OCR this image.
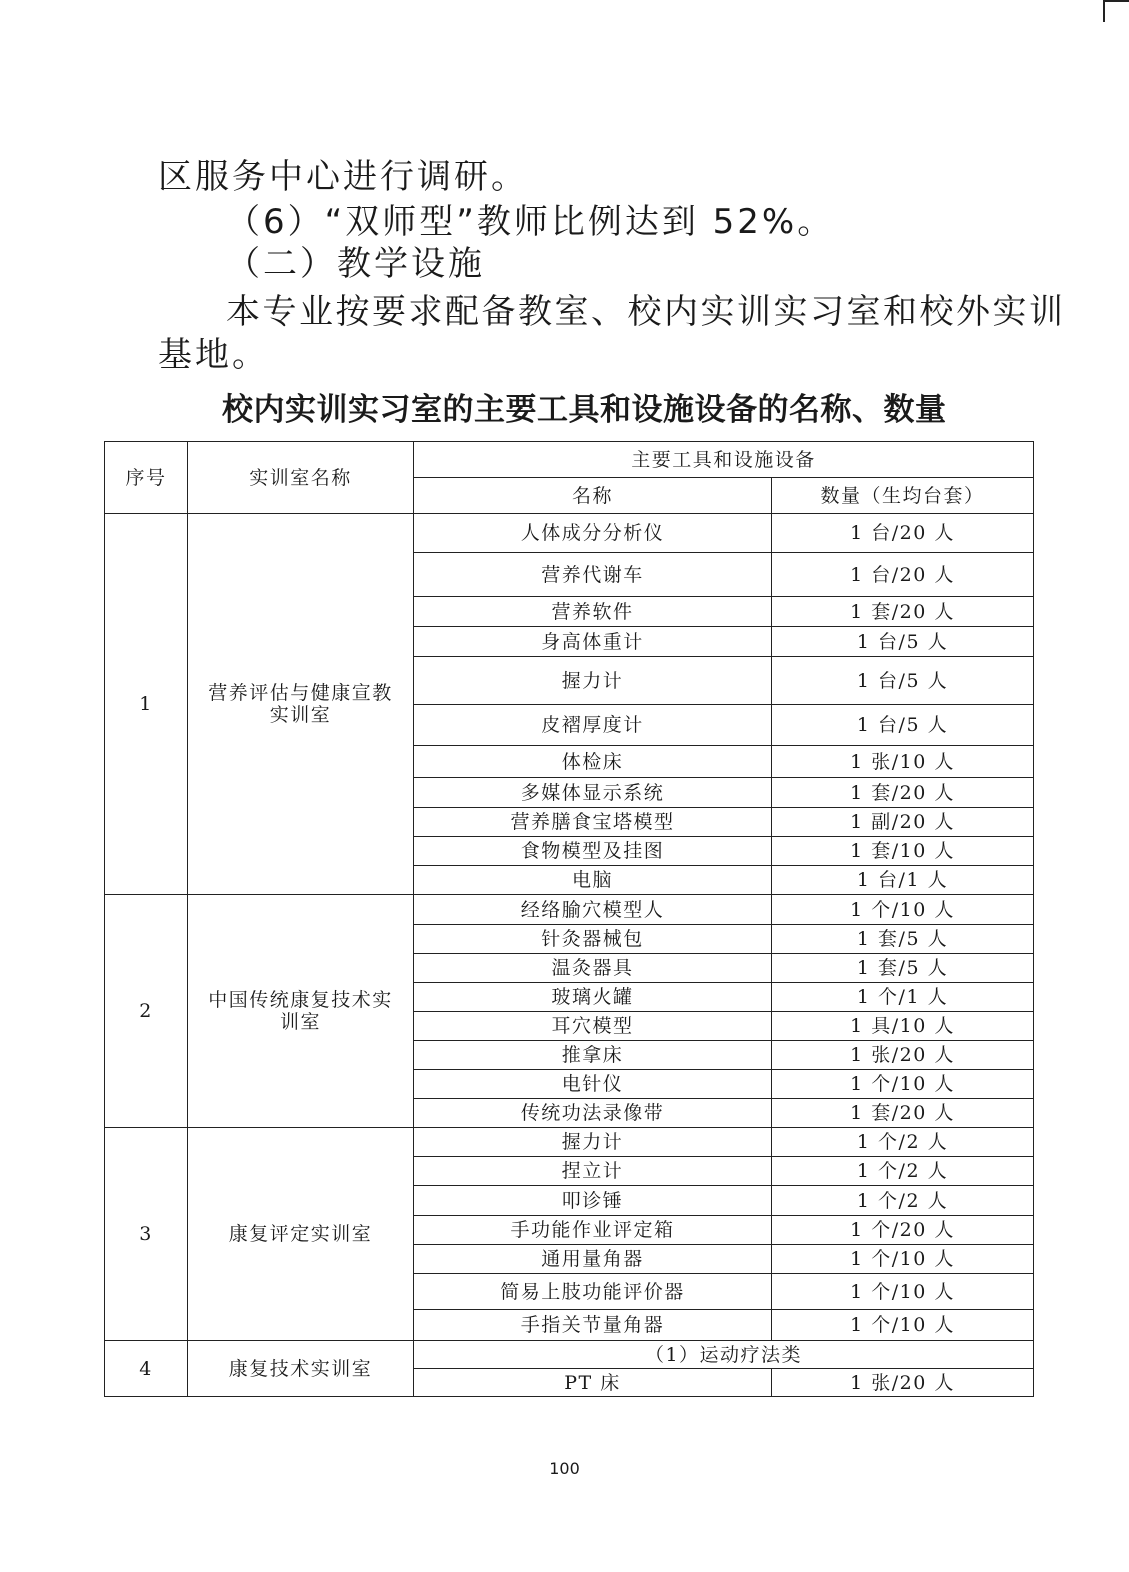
区服务中心进行调研。
（6）“双师型”教师比例达到 52%。
（二）教学设施
本专业按要求配备教室、校内实训实习室和校外实训
基地。
校内实训实习室的主要工具和设施设备的名称、数量
序号	实训室名称	主要工具和设施设备	
		名称	数量（生均台套）
1	营养评估与健康宣教实训室	人体成分分析仪	1 台/20 人
		营养代谢车	1 台/20 人
		营养软件	1 套/20 人
		身高体重计	1 台/5 人
		握力计	1 台/5 人
		皮褶厚度计	1 台/5 人
		体检床	1 张/10 人
		多媒体显示系统	1 套/20 人
		营养膳食宝塔模型	1 副/20 人
		食物模型及挂图	1 套/10 人
		电脑	1 台/1 人
2	中国传统康复技术实训室	经络腧穴模型人	1 个/10 人
		针灸器械包	1 套/5 人
		温灸器具	1 套/5 人
		玻璃火罐	1 个/1 人
		耳穴模型	1 具/10 人
		推拿床	1 张/20 人
		电针仪	1 个/10 人
		传统功法录像带	1 套/20 人
3	康复评定实训室	握力计	1 个/2 人
		捏立计	1 个/2 人
		叩诊锤	1 个/2 人
		手功能作业评定箱	1 个/20 人
		通用量角器	1 个/10 人
		简易上肢功能评价器	1 个/10 人
		手指关节量角器	1 个/10 人
4	康复技术实训室	（1）运动疗法类	
		PT 床	1 张/20 人
100
